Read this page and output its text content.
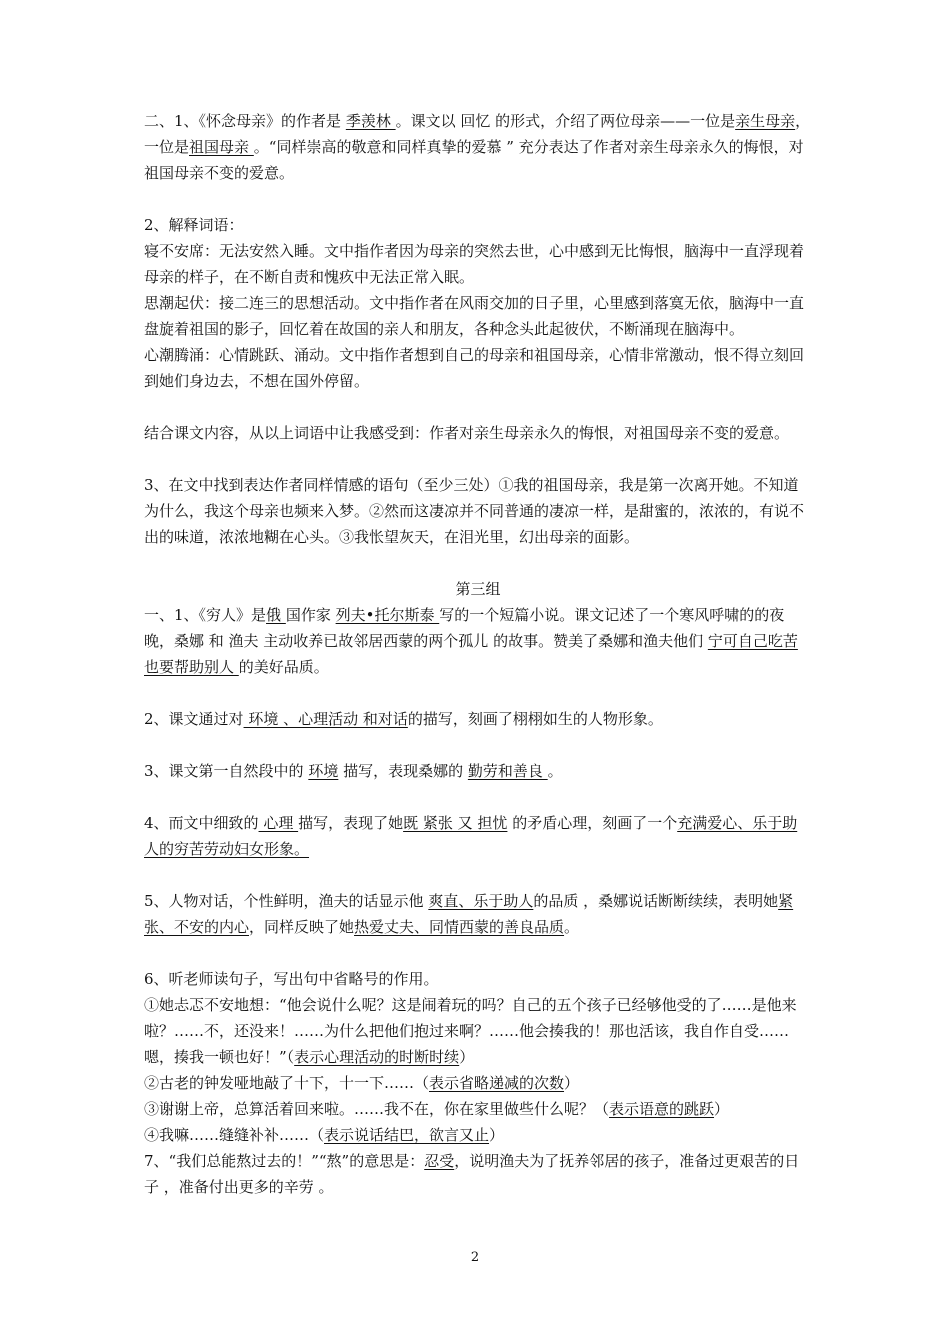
二、1、《怀念母亲》的作者是 季羡林 。课文以 回忆 的形式，介绍了两位母亲——一位是亲生母亲，一位是祖国母亲 。“同样崇高的敬意和同样真挚的爱慕 ” 充分表达了作者对亲生母亲永久的悔恨，对祖国母亲不变的爱意。

2、解释词语：

寝不安席：无法安然入睡。文中指作者因为母亲的突然去世，心中感到无比悔恨，脑海中一直浮现着母亲的样子，在不断自责和愧疚中无法正常入眠。

思潮起伏：接二连三的思想活动。文中指作者在风雨交加的日子里，心里感到落寞无依，脑海中一直盘旋着祖国的影子，回忆着在故国的亲人和朋友，各种念头此起彼伏，不断涌现在脑海中。

心潮腾涌：心情跳跃、涌动。文中指作者想到自己的母亲和祖国母亲，心情非常激动，恨不得立刻回到她们身边去，不想在国外停留。

结合课文内容，从以上词语中让我感受到：作者对亲生母亲永久的悔恨，对祖国母亲不变的爱意。

3、在文中找到表达作者同样情感的语句（至少三处）①我的祖国母亲，我是第一次离开她。不知道为什么，我这个母亲也频来入梦。②然而这凄凉并不同普通的凄凉一样，是甜蜜的，浓浓的，有说不出的味道，浓浓地糊在心头。③我怅望灰天，在泪光里，幻出母亲的面影。

第三组

一、1、《穷人》是俄 国作家 列夫•托尔斯泰 写的一个短篇小说。课文记述了一个寒风呼啸的的夜晚，桑娜 和 渔夫 主动收养已故邻居西蒙的两个孤儿 的故事。赞美了桑娜和渔夫他们 宁可自己吃苦也要帮助别人 的美好品质。

2、课文通过对 环境 、心理活动 和对话的描写，刻画了栩栩如生的人物形象。

3、课文第一自然段中的 环境 描写，表现桑娜的 勤劳和善良 。

4、而文中细致的 心理 描写，表现了她既 紧张 又 担忧 的矛盾心理，刻画了一个充满爱心、乐于助人的穷苦劳动妇女形象。

5、人物对话，个性鲜明，渔夫的话显示他 爽直、乐于助人的品质 ，桑娜说话断断续续，表明她紧张、不安的内心，同样反映了她热爱丈夫、同情西蒙的善良品质。

6、听老师读句子，写出句中省略号的作用。

①她忐忑不安地想：“他会说什么呢？这是闹着玩的吗？自己的五个孩子已经够他受的了……是他来啦？……不，还没来！……为什么把他们抱过来啊？……他会揍我的！那也活该，我自作自受……嗯，揍我一顿也好！”（表示心理活动的时断时续）

②古老的钟发哑地敲了十下，十一下……（表示省略递减的次数）

③谢谢上帝，总算活着回来啦。……我不在，你在家里做些什么呢？（表示语意的跳跃）

④我嘛……缝缝补补……（表示说话结巴，欲言又止）

7、“我们总能熬过去的！”“熬”的意思是：忍受，说明渔夫为了抚养邻居的孩子，准备过更艰苦的日子 ，准备付出更多的辛劳 。

2
